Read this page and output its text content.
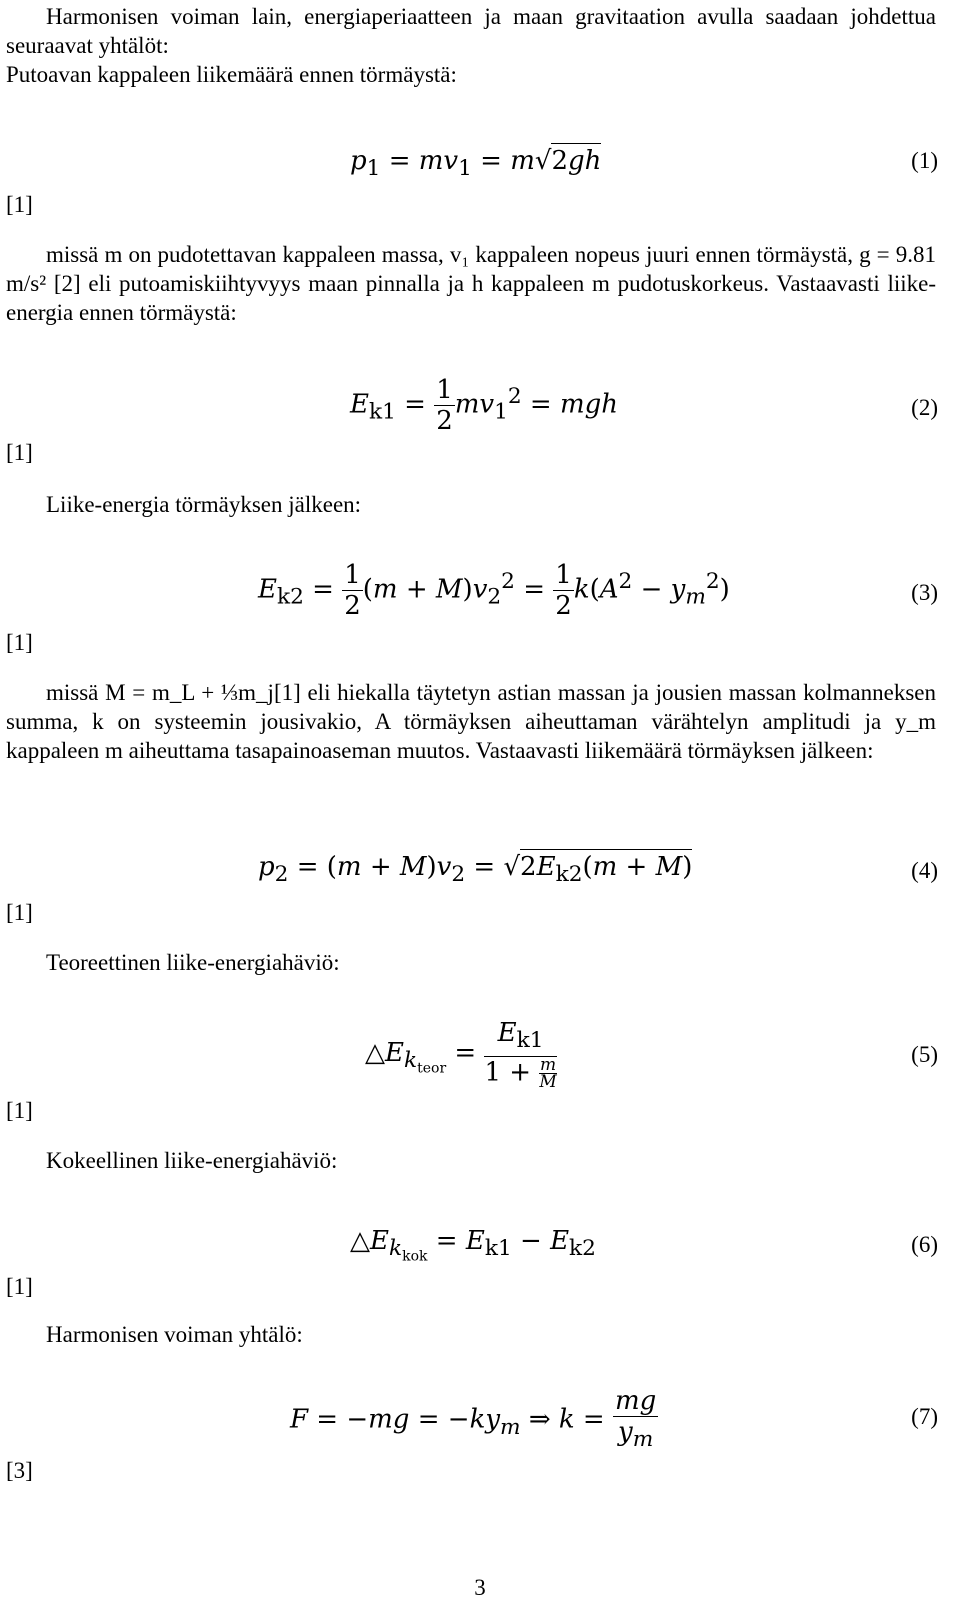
Harmonisen voiman lain, energiaperiaatteen ja maan gravitaation avulla saadaan johdettua seuraavat yhtälöt:
Putoavan kappaleen liikemäärä ennen törmäystä:

$p_1 = mv_1 = m√2gh$	(1)
[1]

missä m on pudotettavan kappaleen massa, v₁ kappaleen nopeus juuri ennen törmäystä, g = 9.81 m/s² [2] eli putoamiskiihtyvyys maan pinnalla ja h kappaleen m pudotuskorkeus. Vastaavasti liike-energia ennen törmäystä:

$E_{k1} = \frac{1}{2} mv_1^2$ = mgh	(2)
[1]

Liike-energia törmäyksen jälkeen:

$E_{k2} = \frac{1}{2} (m + M)v_2^2 = \frac{1}{2} k(A^2 - y_m^2)$	(3)
[1]

missä M = m_L + ⅓m_j[1] eli hiekalla täytetyn astian massan ja jousien massan kolmanneksen summa, k on systeemin jousivakio, A törmäyksen aiheuttaman värähtelyn amplitudi ja y_m kappaleen m aiheuttama tasapainoaseman muutos. Vastaavasti liikemäärä törmäyksen jälkeen:

$p_2 = (m + M)v_2 = √2E_{k2}(m + M)$	(4)
[1]

Teoreettinen liike-energiahäviö:

$\triangle E_{k_{teor}} = \frac{E_{k1}}{1 + \frac{m}{M}}$	(5)
[1]

Kokeellinen liike-energiahäviö:

$\triangle E_{k_{kok}} = E_{k1} - E_{k2}$	(6)
[1]

Harmonisen voiman yhtälö:

$F = -mg = -ky_m$ ⇒ $k = \frac{mg}{y_m}$	(7)
[3]
3
